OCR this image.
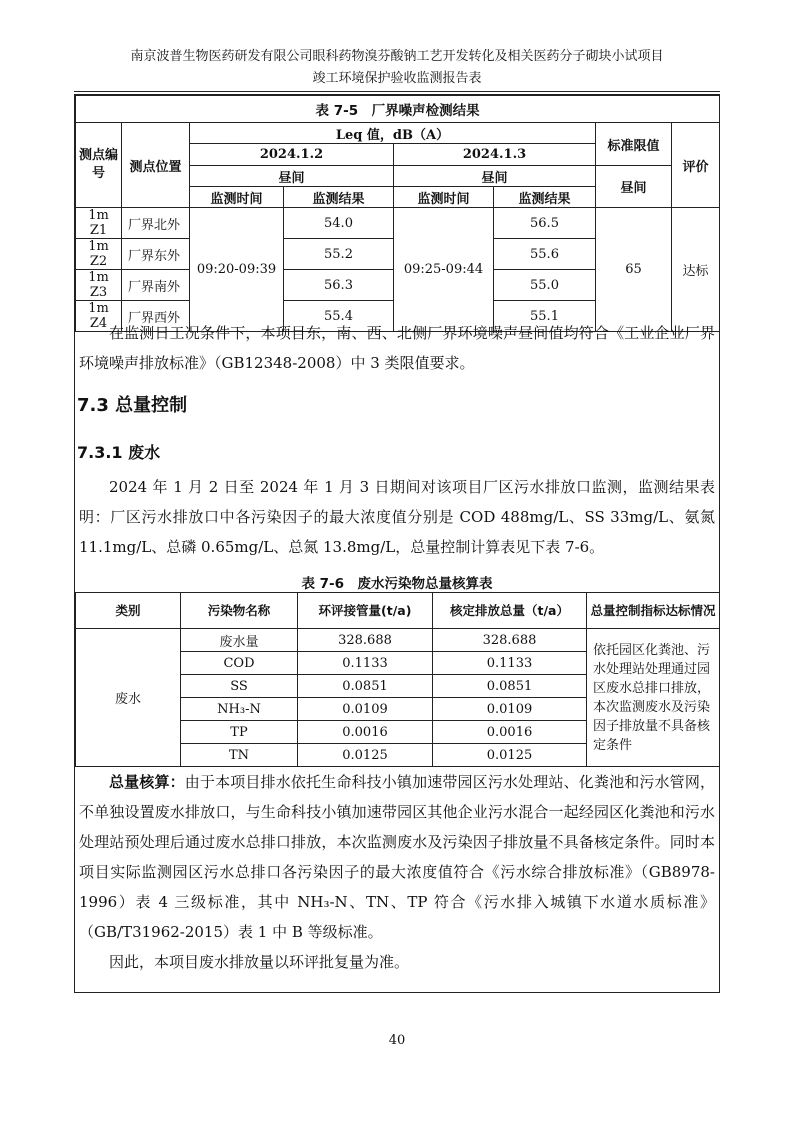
南京波普生物医药研发有限公司眼科药物溴芬酸钠工艺开发转化及相关医药分子砌块小试项目
竣工环境保护验收监测报告表
表 7-5　厂界噪声检测结果							
测点编号	测点位置	Leq 值，dB（A）				标准限值	评价
		2024.1.2		2024.1.3			
		昼间		昼间		昼间	
		监测时间	监测结果	监测时间	监测结果		
1m Z1	厂界北外	09:20-09:39	54.0	09:25-09:44	56.5	65	达标
1m Z2	厂界东外		55.2		55.6		
1m Z3	厂界南外		56.3		55.0		
1m Z4	厂界西外		55.4		55.1		

在监测日工况条件下，本项目东，南、西、北侧厂界环境噪声昼间值均符合《工业企业厂界环境噪声排放标准》（GB12348-2008）中 3 类限值要求。

7.3 总量控制
7.3.1 废水

2024 年 1 月 2 日至 2024 年 1 月 3 日期间对该项目厂区污水排放口监测，监测结果表明：厂区污水排放口中各污染因子的最大浓度值分别是 COD 488mg/L、SS 33mg/L、氨氮 11.1mg/L、总磷 0.65mg/L、总氮 13.8mg/L，总量控制计算表见下表 7-6。

表 7-6　废水污染物总量核算表
类别	污染物名称	环评接管量(t/a)	核定排放总量（t/a）	总量控制指标达标情况
废水	废水量	328.688	328.688	依托园区化粪池、污水处理站处理通过园区废水总排口排放，本次监测废水及污染因子排放量不具备核定条件
	COD	0.1133	0.1133	
	SS	0.0851	0.0851	
	NH₃-N	0.0109	0.0109	
	TP	0.0016	0.0016	
	TN	0.0125	0.0125	

总量核算：由于本项目排水依托生命科技小镇加速带园区污水处理站、化粪池和污水管网，不单独设置废水排放口，与生命科技小镇加速带园区其他企业污水混合一起经园区化粪池和污水处理站预处理后通过废水总排口排放，本次监测废水及污染因子排放量不具备核定条件。同时本项目实际监测园区污水总排口各污染因子的最大浓度值符合《污水综合排放标准》（GB8978-1996）表 4 三级标准，其中 NH₃-N、TN、TP 符合《污水排入城镇下水道水质标准》（GB/T31962-2015）表 1 中 B 等级标准。

因此，本项目废水排放量以环评批复量为准。

40
